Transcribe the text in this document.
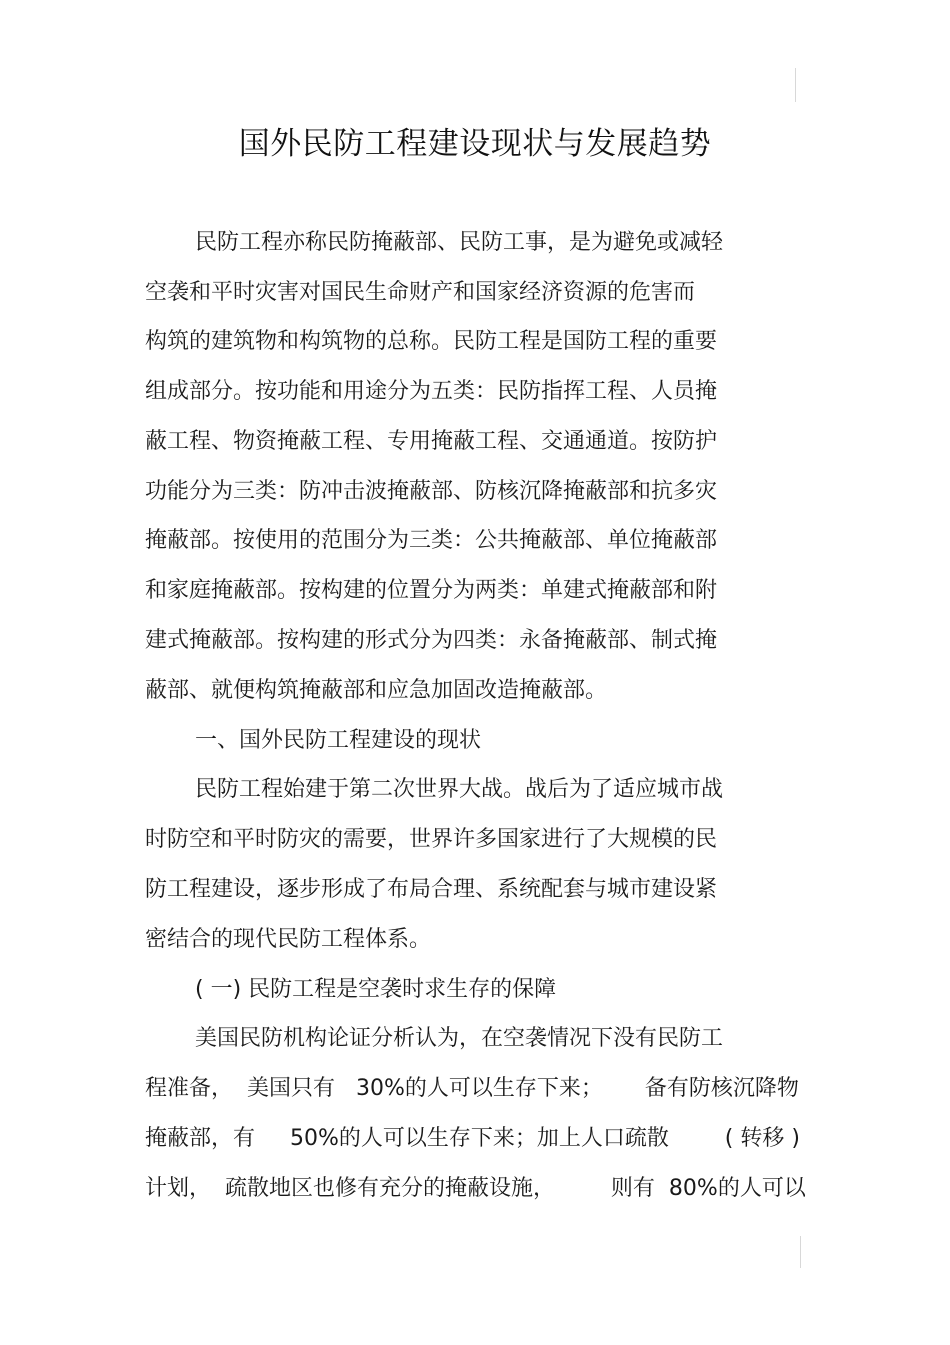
国外民防工程建设现状与发展趋势
民防工程亦称民防掩蔽部、民防工事，是为避免或减轻
空袭和平时灾害对国民生命财产和国家经济资源的危害而
构筑的建筑物和构筑物的总称。民防工程是国防工程的重要
组成部分。按功能和用途分为五类：民防指挥工程、人员掩
蔽工程、物资掩蔽工程、专用掩蔽工程、交通通道。按防护
功能分为三类：防冲击波掩蔽部、防核沉降掩蔽部和抗多灾
掩蔽部。按使用的范围分为三类：公共掩蔽部、单位掩蔽部
和家庭掩蔽部。按构建的位置分为两类：单建式掩蔽部和附
建式掩蔽部。按构建的形式分为四类：永备掩蔽部、制式掩
蔽部、就便构筑掩蔽部和应急加固改造掩蔽部。
一、国外民防工程建设的现状
民防工程始建于第二次世界大战。战后为了适应城市战
时防空和平时防灾的需要，世界许多国家进行了大规模的民
防工程建设，逐步形成了布局合理、系统配套与城市建设紧
密结合的现代民防工程体系。
( 一) 民防工程是空袭时求生存的保障
美国民防机构论证分析认为，在空袭情况下没有民防工
程准备，  美国只有   30%的人可以生存下来；      备有防核沉降物
掩蔽部，有     50%的人可以生存下来；加上人口疏散        ( 转移 )
计划，  疏散地区也修有充分的掩蔽设施，        则有  80%的人可以
